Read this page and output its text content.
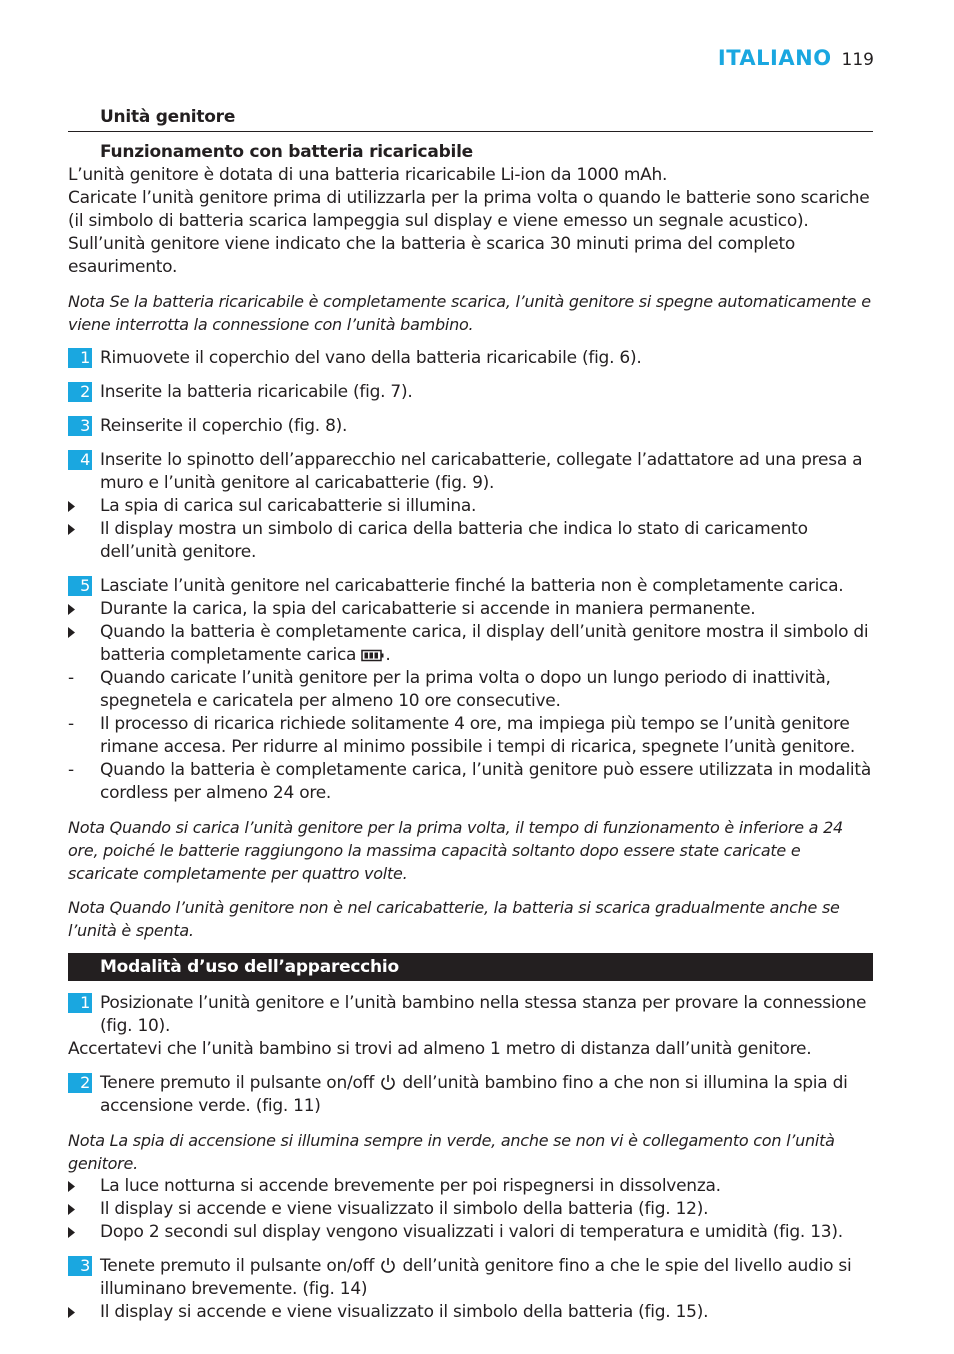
ITALIANO 119
Unità genitore
Funzionamento con batteria ricaricabile

L’unità genitore è dotata di una batteria ricaricabile Li-ion da 1000 mAh.

Caricate l’unità genitore prima di utilizzarla per la prima volta o quando le batterie sono scariche (il simbolo di batteria scarica lampeggia sul display e viene emesso un segnale acustico). Sull’unità genitore viene indicato che la batteria è scarica 30 minuti prima del completo esaurimento.

Nota Se la batteria ricaricabile è completamente scarica, l’unità genitore si spegne automaticamente e viene interrotta la connessione con l’unità bambino.

1 Rimuovete il coperchio del vano della batteria ricaricabile (fig. 6).
2 Inserite la batteria ricaricabile (fig. 7).
3 Reinserite il coperchio (fig. 8).
4 Inserite lo spinotto dell’apparecchio nel caricabatterie, collegate l’adattatore ad una presa a muro e l’unità genitore al caricabatterie (fig. 9).
La spia di carica sul caricabatterie si illumina.
Il display mostra un simbolo di carica della batteria che indica lo stato di caricamento dell’unità genitore.
5 Lasciate l’unità genitore nel caricabatterie finché la batteria non è completamente carica.
Durante la carica, la spia del caricabatterie si accende in maniera permanente.
Quando la batteria è completamente carica, il display dell’unità genitore mostra il simbolo di batteria completamente carica .
- Quando caricate l’unità genitore per la prima volta o dopo un lungo periodo di inattività, spegnetela e caricatela per almeno 10 ore consecutive.
- Il processo di ricarica richiede solitamente 4 ore, ma impiega più tempo se l’unità genitore rimane accesa. Per ridurre al minimo possibile i tempi di ricarica, spegnete l’unità genitore.
- Quando la batteria è completamente carica, l’unità genitore può essere utilizzata in modalità cordless per almeno 24 ore.

Nota Quando si carica l’unità genitore per la prima volta, il tempo di funzionamento è inferiore a 24 ore, poiché le batterie raggiungono la massima capacità soltanto dopo essere state caricate e scaricate completamente per quattro volte.

Nota Quando l’unità genitore non è nel caricabatterie, la batteria si scarica gradualmente anche se l’unità è spenta.

Modalità d’uso dell’apparecchio
1 Posizionate l’unità genitore e l’unità bambino nella stessa stanza per provare la connessione (fig. 10).

Accertatevi che l’unità bambino si trovi ad almeno 1 metro di distanza dall’unità genitore.

2 Tenere premuto il pulsante on/off dell’unità bambino fino a che non si illumina la spia di accensione verde. (fig. 11)

Nota La spia di accensione si illumina sempre in verde, anche se non vi è collegamento con l’unità genitore.

La luce notturna si accende brevemente per poi rispegnersi in dissolvenza.
Il display si accende e viene visualizzato il simbolo della batteria (fig. 12).
Dopo 2 secondi sul display vengono visualizzati i valori di temperatura e umidità (fig. 13).
3 Tenete premuto il pulsante on/off dell’unità genitore fino a che le spie del livello audio si illuminano brevemente. (fig. 14)
Il display si accende e viene visualizzato il simbolo della batteria (fig. 15).
